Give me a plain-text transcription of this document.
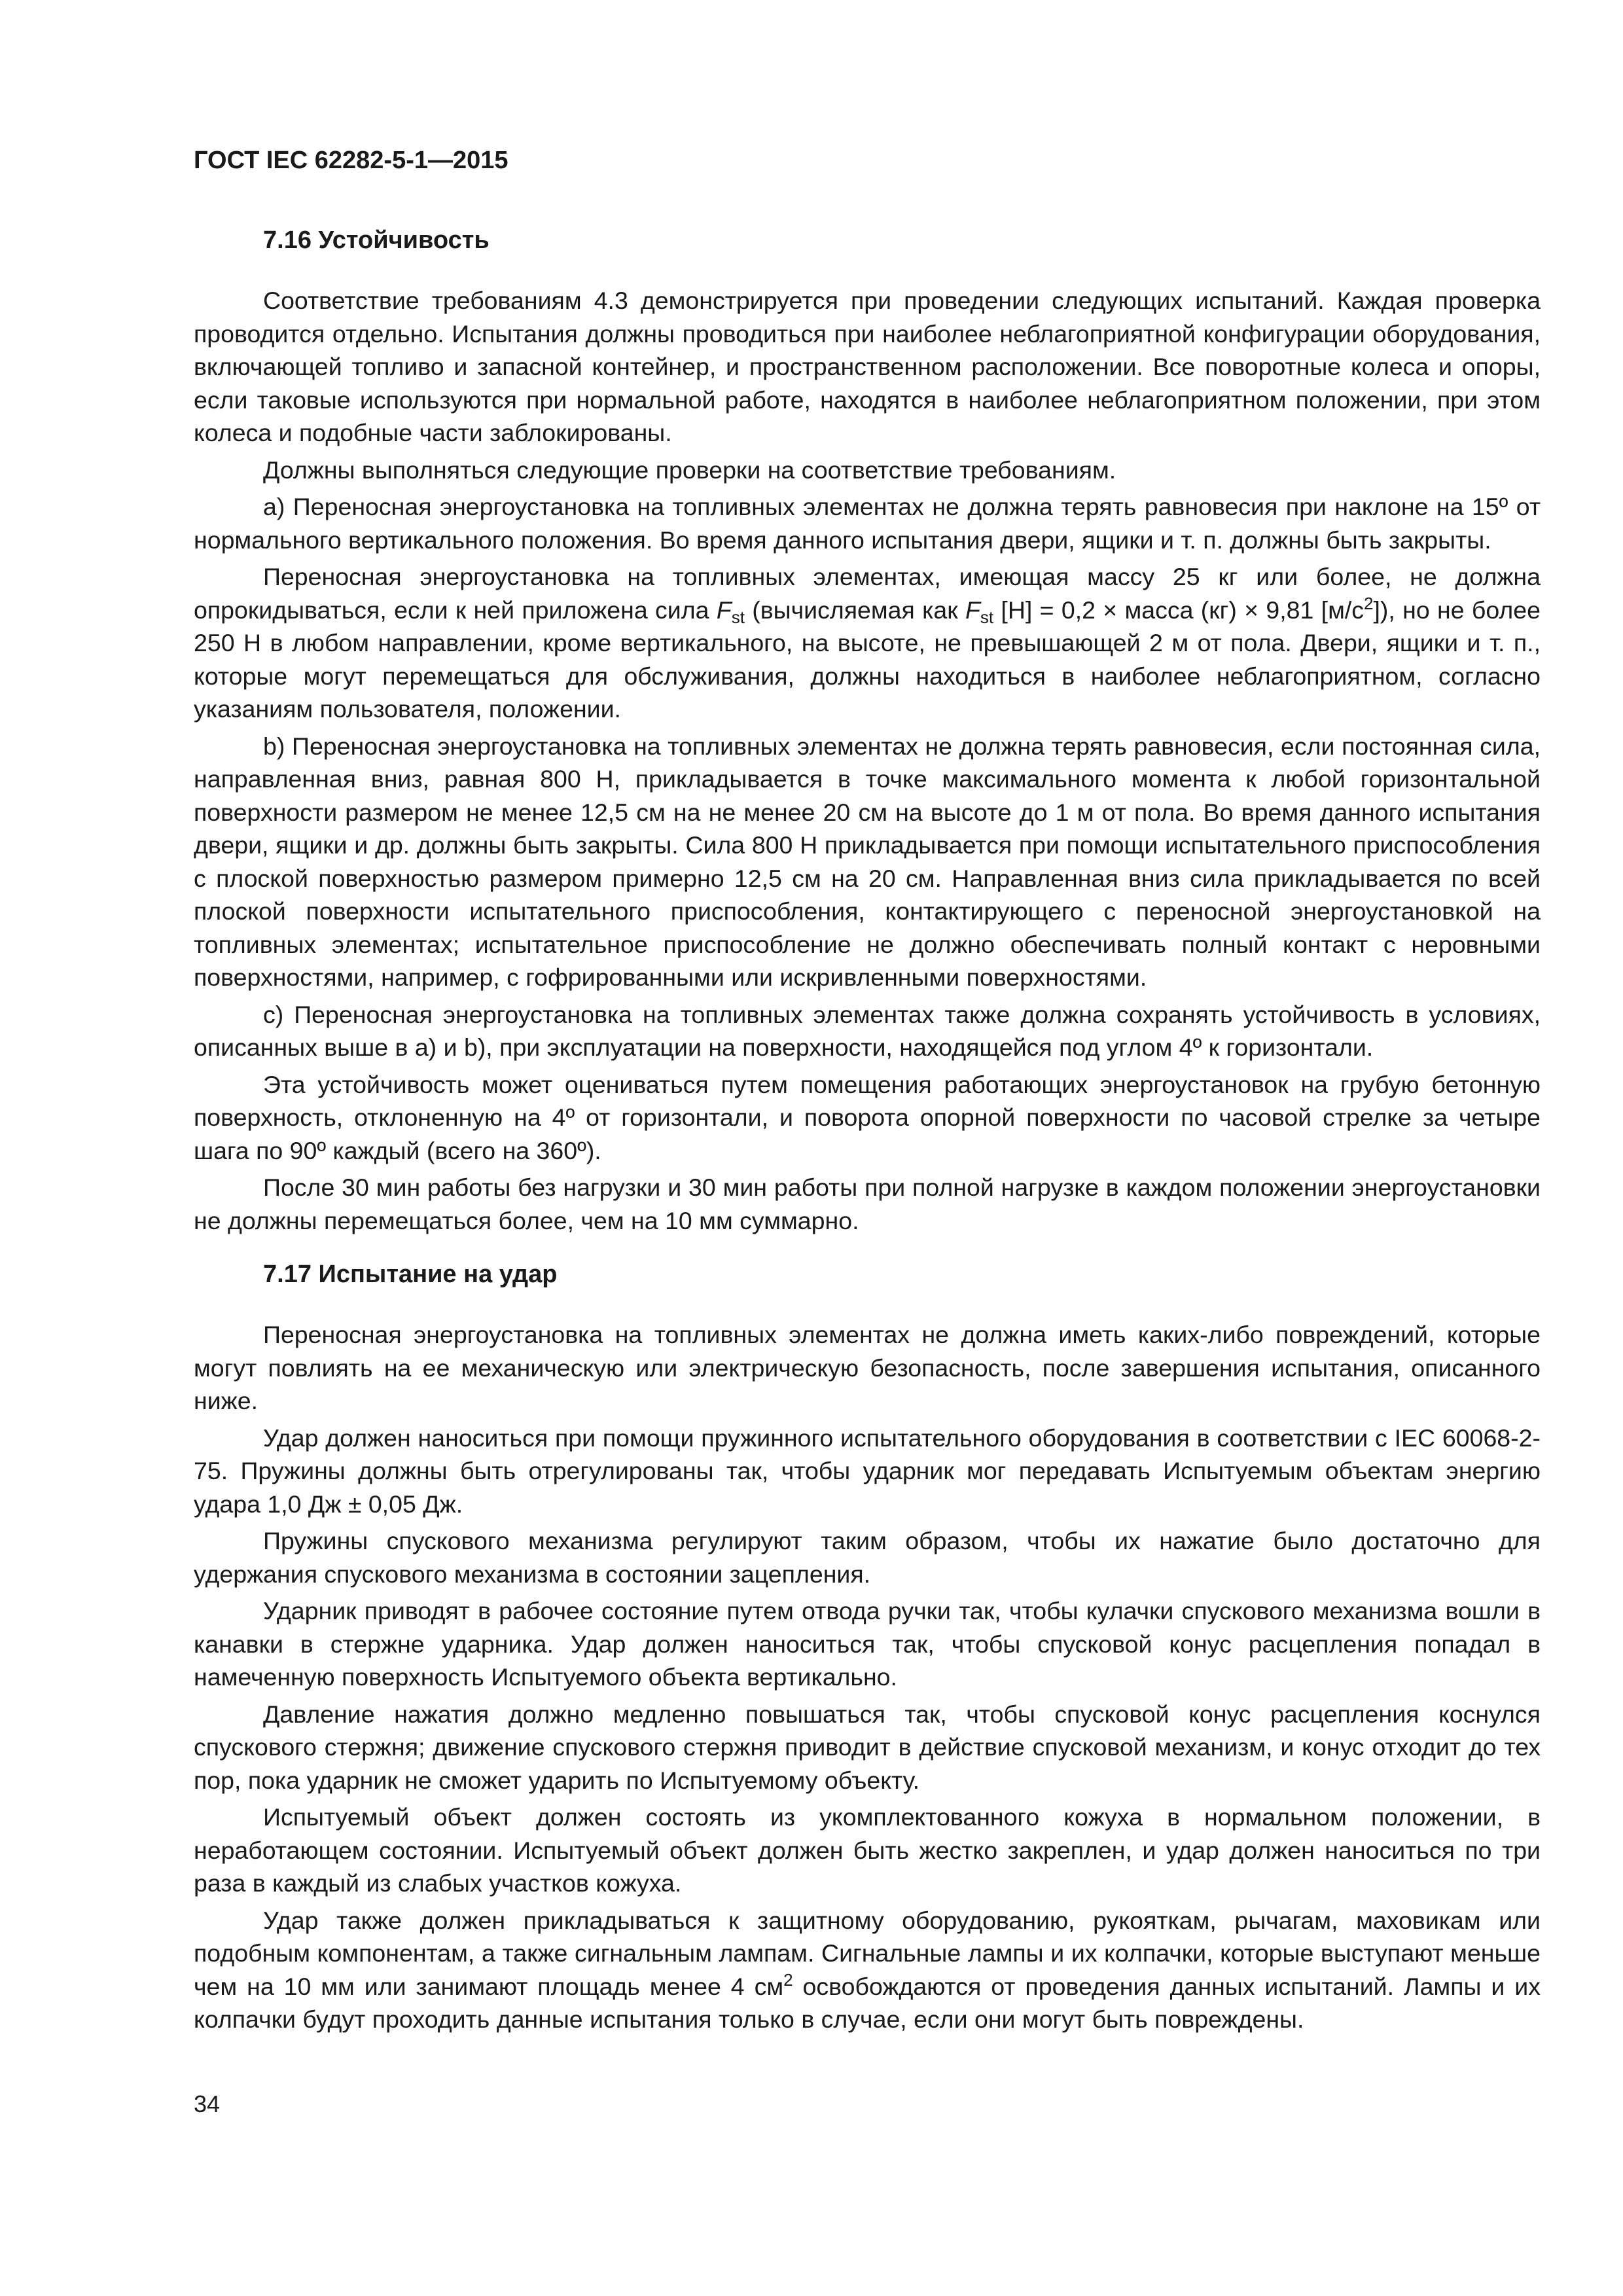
ГОСТ IEC 62282-5-1—2015
7.16 Устойчивость

Соответствие требованиям 4.3 демонстрируется при проведении следующих испытаний. Каждая проверка проводится отдельно. Испытания должны проводиться при наиболее неблагоприятной конфигурации оборудования, включающей топливо и запасной контейнер, и пространственном расположении. Все поворотные колеса и опоры, если таковые используются при нормальной работе, находятся в наиболее неблагоприятном положении, при этом колеса и подобные части заблокированы.

Должны выполняться следующие проверки на соответствие требованиям.

а) Переносная энергоустановка на топливных элементах не должна терять равновесия при наклоне на 15º от нормального вертикального положения. Во время данного испытания двери, ящики и т. п. должны быть закрыты.

Переносная энергоустановка на топливных элементах, имеющая массу 25 кг или более, не должна опрокидываться, если к ней приложена сила $F_{st}$ (вычисляемая как $F_{st}$ [Н] = 0,2 × масса (кг) × 9,81 $[м/с^2]$), но не более 250 Н в любом направлении, кроме вертикального, на высоте, не превышающей 2 м от пола. Двери, ящики и т. п., которые могут перемещаться для обслуживания, должны находиться в наиболее неблагоприятном, согласно указаниям пользователя, положении.

b) Переносная энергоустановка на топливных элементах не должна терять равновесия, если постоянная сила, направленная вниз, равная 800 Н, прикладывается в точке максимального момента к любой горизонтальной поверхности размером не менее 12,5 см на не менее 20 см на высоте до 1 м от пола. Во время данного испытания двери, ящики и др. должны быть закрыты. Сила 800 Н прикладывается при помощи испытательного приспособления с плоской поверхностью размером примерно 12,5 см на 20 см. Направленная вниз сила прикладывается по всей плоской поверхности испытательного приспособления, контактирующего с переносной энергоустановкой на топливных элементах; испытательное приспособление не должно обеспечивать полный контакт с неровными поверхностями, например, с гофрированными или искривленными поверхностями.

с) Переносная энергоустановка на топливных элементах также должна сохранять устойчивость в условиях, описанных выше в а) и b), при эксплуатации на поверхности, находящейся под углом 4º к горизонтали.

Эта устойчивость может оцениваться путем помещения работающих энергоустановок на грубую бетонную поверхность, отклоненную на 4º от горизонтали, и поворота опорной поверхности по часовой стрелке за четыре шага по 90º каждый (всего на 360º).

После 30 мин работы без нагрузки и 30 мин работы при полной нагрузке в каждом положении энергоустановки не должны перемещаться более, чем на 10 мм суммарно.

7.17 Испытание на удар

Переносная энергоустановка на топливных элементах не должна иметь каких-либо повреждений, которые могут повлиять на ее механическую или электрическую безопасность, после завершения испытания, описанного ниже.

Удар должен наноситься при помощи пружинного испытательного оборудования в соответствии с IEC 60068-2-75. Пружины должны быть отрегулированы так, чтобы ударник мог передавать Испытуемым объектам энергию удара 1,0 Дж ± 0,05 Дж.

Пружины спускового механизма регулируют таким образом, чтобы их нажатие было достаточно для удержания спускового механизма в состоянии зацепления.

Ударник приводят в рабочее состояние путем отвода ручки так, чтобы кулачки спускового механизма вошли в канавки в стержне ударника. Удар должен наноситься так, чтобы спусковой конус расцепления попадал в намеченную поверхность Испытуемого объекта вертикально.

Давление нажатия должно медленно повышаться так, чтобы спусковой конус расцепления коснулся спускового стержня; движение спускового стержня приводит в действие спусковой механизм, и конус отходит до тех пор, пока ударник не сможет ударить по Испытуемому объекту.

Испытуемый объект должен состоять из укомплектованного кожуха в нормальном положении, в неработающем состоянии. Испытуемый объект должен быть жестко закреплен, и удар должен наноситься по три раза в каждый из слабых участков кожуха.

Удар также должен прикладываться к защитному оборудованию, рукояткам, рычагам, маховикам или подобным компонентам, а также сигнальным лампам. Сигнальные лампы и их колпачки, которые выступают меньше чем на 10 мм или занимают площадь менее 4 $см^2$ освобождаются от проведения данных испытаний. Лампы и их колпачки будут проходить данные испытания только в случае, если они могут быть повреждены.

34
